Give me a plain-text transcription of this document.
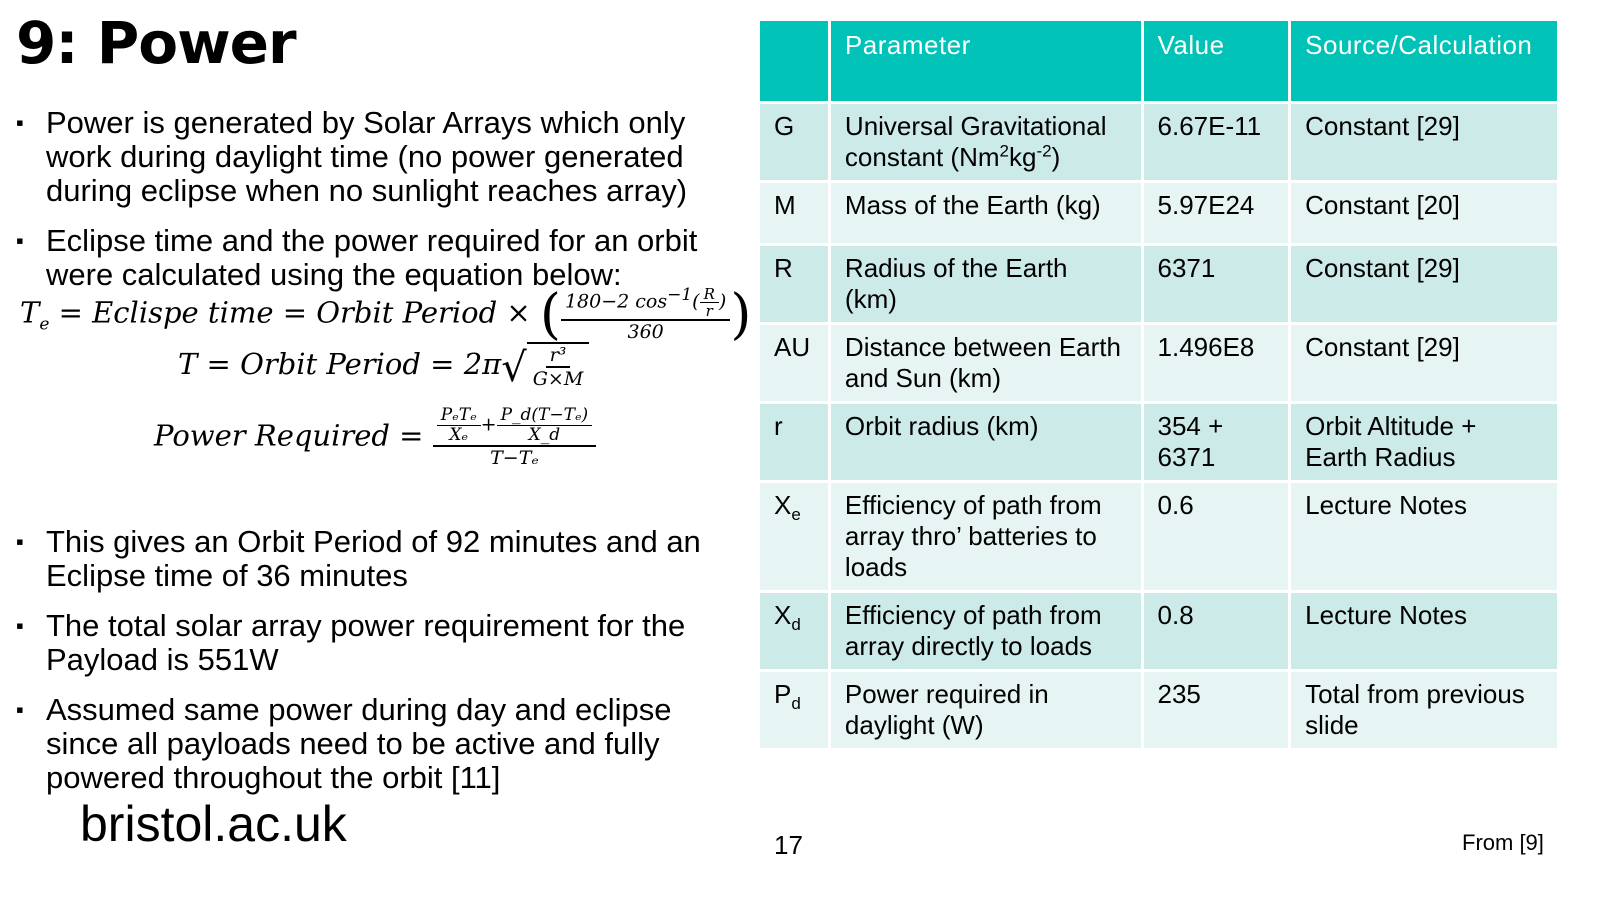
9: Power
▪ Power is generated by Solar Arrays which only work during daylight time (no power generated during eclipse when no sunlight reaches array)
▪ Eclipse time and the power required for an orbit were calculated using the equation below:
$T_e$ = Eclispe time = Orbit Period × ( $\frac{180-2 \cos^{-1}( \frac{R}{r} )}{360}$ )
T = Orbit Period = 2π √ $\frac{\text{r³}}{G\times M}$
Power Required = $\frac{\frac{\text{PₑTₑ}}{\text{Xₑ}} + \frac{\text{P\_d(T−Tₑ)}}{X\_d}}{\text{T−Tₑ}}$
▪ This gives an Orbit Period of 92 minutes and an Eclipse time of 36 minutes
▪ The total solar array power requirement for the Payload is 551W
▪ Assumed same power during day and eclipse since all payloads need to be active and fully powered throughout the orbit [11]
	Parameter	Value	Source/Calculation
G	Universal Gravitational constant $(Nm^2kg^{-2})$	6.67E-11	Constant [29]
M	Mass of the Earth (kg)	5.97E24	Constant [20]
R	Radius of the Earth (km)	6371	Constant [29]
AU	Distance between Earth and Sun (km)	1.496E8	Constant [29]
r	Orbit radius (km)	354 + 6371	Orbit Altitude + Earth Radius
$X_e$	Efficiency of path from array thro’ batteries to loads	0.6	Lecture Notes
$X_d$	Efficiency of path from array directly to loads	0.8	Lecture Notes
$P_d$	Power required in daylight (W)	235	Total from previous slide
bristol.ac.uk	17	From [9]
